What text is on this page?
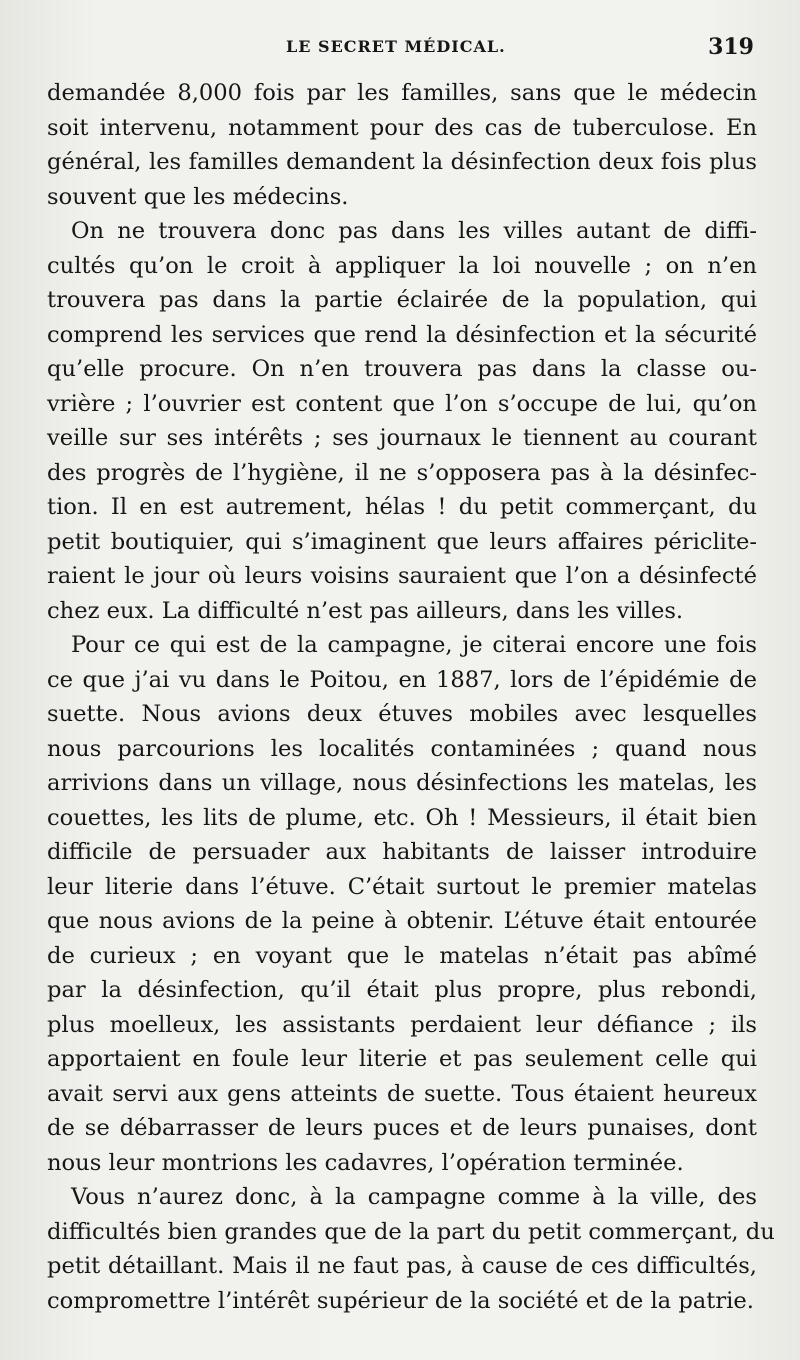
LE SECRET MÉDICAL.	319
demandée 8,000 fois par les familles, sans que le médecin
soit intervenu, notamment pour des cas de tuberculose. En
général, les familles demandent la désinfection deux fois plus
souvent que les médecins.
On ne trouvera donc pas dans les villes autant de diffi-
cultés qu’on le croit à appliquer la loi nouvelle ; on n’en
trouvera pas dans la partie éclairée de la population, qui
comprend les services que rend la désinfection et la sécurité
qu’elle procure. On n’en trouvera pas dans la classe ou-
vrière ; l’ouvrier est content que l’on s’occupe de lui, qu’on
veille sur ses intérêts ; ses journaux le tiennent au courant
des progrès de l’hygiène, il ne s’opposera pas à la désinfec-
tion. Il en est autrement, hélas ! du petit commerçant, du
petit boutiquier, qui s’imaginent que leurs affaires périclite-
raient le jour où leurs voisins sauraient que l’on a désinfecté
chez eux. La difficulté n’est pas ailleurs, dans les villes.
Pour ce qui est de la campagne, je citerai encore une fois
ce que j’ai vu dans le Poitou, en 1887, lors de l’épidémie de
suette. Nous avions deux étuves mobiles avec lesquelles
nous parcourions les localités contaminées ; quand nous
arrivions dans un village, nous désinfections les matelas, les
couettes, les lits de plume, etc. Oh ! Messieurs, il était bien
difficile de persuader aux habitants de laisser introduire
leur literie dans l’étuve. C’était surtout le premier matelas
que nous avions de la peine à obtenir. L’étuve était entourée
de curieux ; en voyant que le matelas n’était pas abîmé
par la désinfection, qu’il était plus propre, plus rebondi,
plus moelleux, les assistants perdaient leur défiance ; ils
apportaient en foule leur literie et pas seulement celle qui
avait servi aux gens atteints de suette. Tous étaient heureux
de se débarrasser de leurs puces et de leurs punaises, dont
nous leur montrions les cadavres, l’opération terminée.
Vous n’aurez donc, à la campagne comme à la ville, des
difficultés bien grandes que de la part du petit commerçant, du
petit détaillant. Mais il ne faut pas, à cause de ces difficultés,
compromettre l’intérêt supérieur de la société et de la patrie.
